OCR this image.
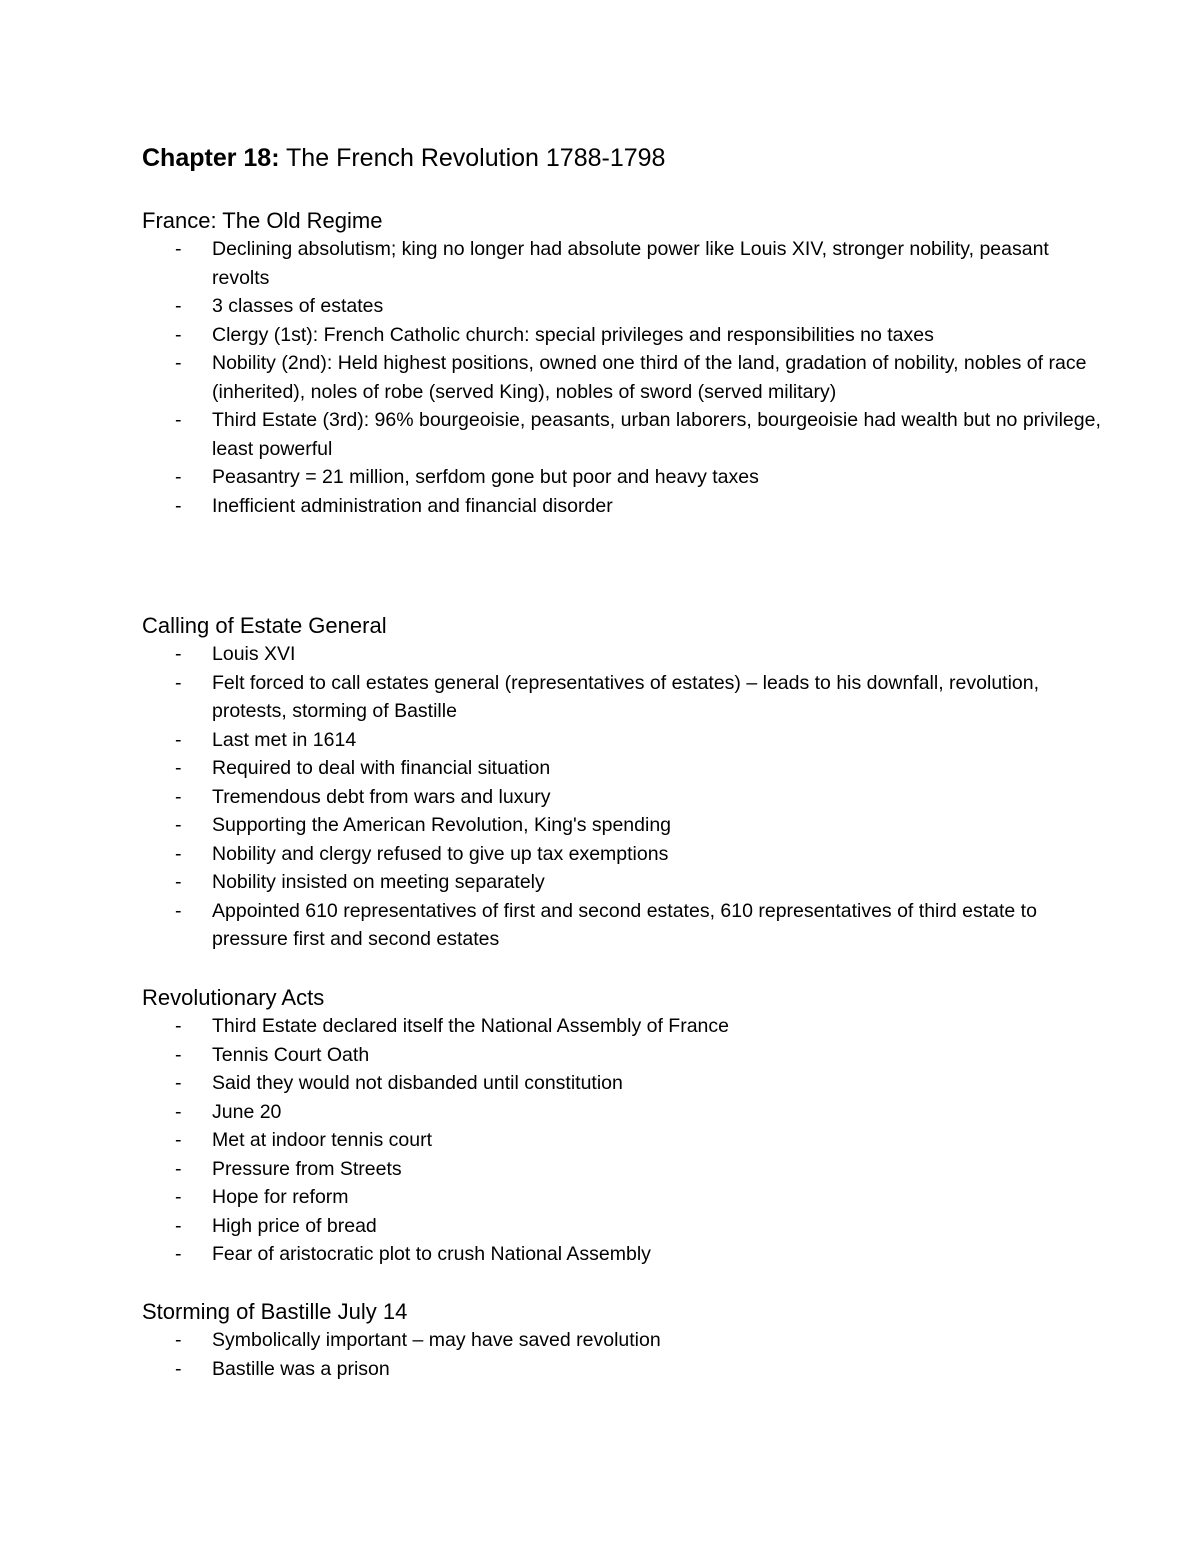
Chapter 18: The French Revolution 1788-1798
France: The Old Regime
- Declining absolutism; king no longer had absolute power like Louis XIV, stronger nobility, peasant revolts
- 3 classes of estates
- Clergy (1st): French Catholic church: special privileges and responsibilities no taxes
- Nobility (2nd): Held highest positions, owned one third of the land, gradation of nobility, nobles of race (inherited), noles of robe (served King), nobles of sword (served military)
- Third Estate (3rd): 96% bourgeoisie, peasants, urban laborers, bourgeoisie had wealth but no privilege, least powerful
- Peasantry = 21 million, serfdom gone but poor and heavy taxes
- Inefficient administration and financial disorder
Calling of Estate General
- Louis XVI
- Felt forced to call estates general (representatives of estates) – leads to his downfall, revolution, protests, storming of Bastille
- Last met in 1614
- Required to deal with financial situation
- Tremendous debt from wars and luxury
- Supporting the American Revolution, King's spending
- Nobility and clergy refused to give up tax exemptions
- Nobility insisted on meeting separately
- Appointed 610 representatives of first and second estates, 610 representatives of third estate to pressure first and second estates
Revolutionary Acts
- Third Estate declared itself the National Assembly of France
- Tennis Court Oath
- Said they would not disbanded until constitution
- June 20
- Met at indoor tennis court
- Pressure from Streets
- Hope for reform
- High price of bread
- Fear of aristocratic plot to crush National Assembly
Storming of Bastille July 14
- Symbolically important – may have saved revolution
- Bastille was a prison
